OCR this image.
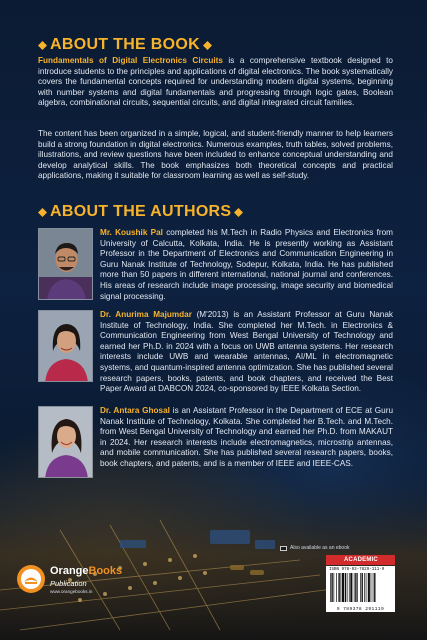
ABOUT THE BOOK

Fundamentals of Digital Electronics Circuits is a comprehensive textbook designed to introduce students to the principles and applications of digital electronics. The book systematically covers the fundamental concepts required for understanding modern digital systems, beginning with number systems and digital fundamentals and progressing through logic gates, Boolean algebra, combinational circuits, sequential circuits, and digital integrated circuit families.

The content has been organized in a simple, logical, and student-friendly manner to help learners build a strong foundation in digital electronics. Numerous examples, truth tables, solved problems, illustrations, and review questions have been included to enhance conceptual understanding and develop analytical skills. The book emphasizes both theoretical concepts and practical applications, making it suitable for classroom learning as well as self-study.

ABOUT THE AUTHORS

Mr. Koushik Pal completed his M.Tech in Radio Physics and Electronics from University of Calcutta, Kolkata, India. He is presently working as Assistant Professor in the Department of Electronics and Communication Engineering in Guru Nanak Institute of Technology, Sodepur, Kolkata, India. He has published more than 50 papers in different international, national journal and conferences. His areas of research include image processing, image security and biomedical signal processing.

Dr. Anurima Majumdar (M'2013) is an Assistant Professor at Guru Nanak Institute of Technology, India. She completed her M.Tech. in Electronics & Communication Engineering from West Bengal University of Technology and earned her Ph.D. in 2024 with a focus on UWB antenna systems. Her research interests include UWB and wearable antennas, AI/ML in electromagnetic systems, and quantum-inspired antenna optimization. She has published several research papers, books, patents, and book chapters, and received the Best Paper Award at DABCON 2024, co-sponsored by IEEE Kolkata Section.

Dr. Antara Ghosal is an Assistant Professor in the Department of ECE at Guru Nanak Institute of Technology, Kolkata. She completed her B.Tech. and M.Tech. from West Bengal University of Technology and earned her Ph.D. from MAKAUT in 2024. Her research interests include electromagnetics, microstrip antennas, and mobile communication. She has published several research papers, books, book chapters, and patents, and is a member of IEEE and IEEE-CAS.

OrangeBooks
Publication
www.orangebooks.in
Also available as an ebook
ACADEMIC
ISBN 978-93-7829-111-9
9 789378 291119
